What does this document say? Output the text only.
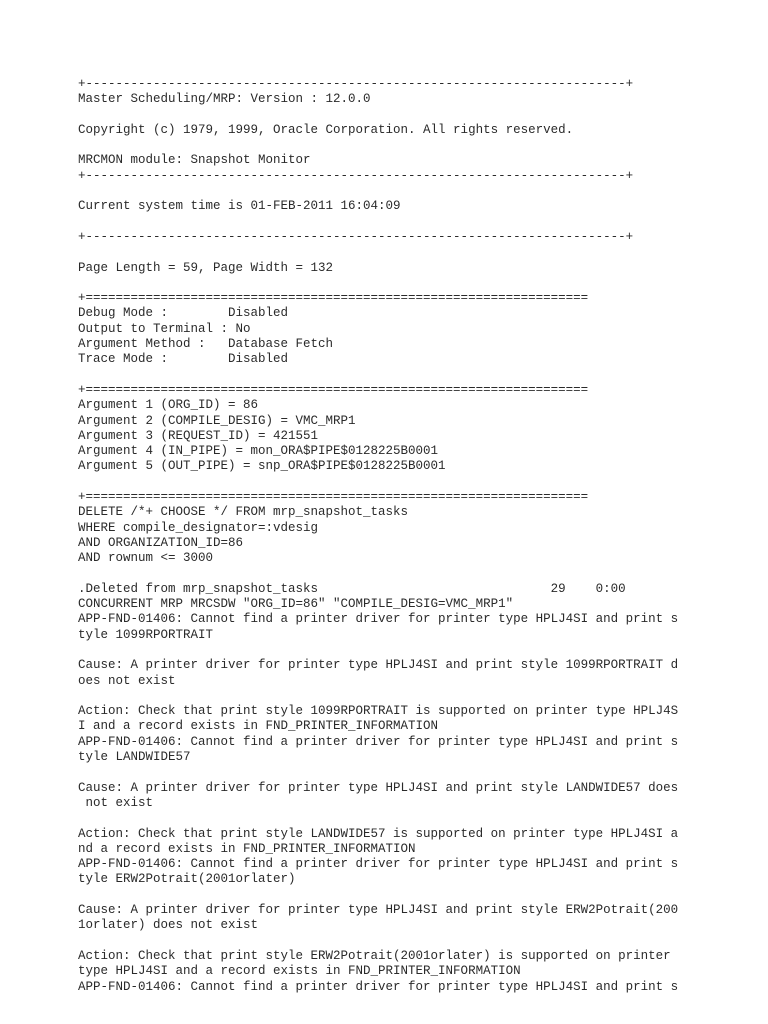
+------------------------------------------------------------------------+
Master Scheduling/MRP: Version : 12.0.0
Copyright (c) 1979, 1999, Oracle Corporation. All rights reserved.
MRCMON module: Snapshot Monitor
+------------------------------------------------------------------------+
Current system time is 01-FEB-2011 16:04:09
+------------------------------------------------------------------------+
Page Length = 59, Page Width = 132
+===================================================================
Debug Mode :        Disabled
Output to Terminal : No
Argument Method :   Database Fetch
Trace Mode :        Disabled
+===================================================================
Argument 1 (ORG_ID) = 86
Argument 2 (COMPILE_DESIG) = VMC_MRP1
Argument 3 (REQUEST_ID) = 421551
Argument 4 (IN_PIPE) = mon_ORA$PIPE$0128225B0001
Argument 5 (OUT_PIPE) = snp_ORA$PIPE$0128225B0001
+===================================================================
DELETE /*+ CHOOSE */ FROM mrp_snapshot_tasks
WHERE compile_designator=:vdesig
AND ORGANIZATION_ID=86
AND rownum <= 3000
.Deleted from mrp_snapshot_tasks                               29    0:00
CONCURRENT MRP MRCSDW "ORG_ID=86" "COMPILE_DESIG=VMC_MRP1"
APP-FND-01406: Cannot find a printer driver for printer type HPLJ4SI and print s
tyle 1099RPORTRAIT
Cause: A printer driver for printer type HPLJ4SI and print style 1099RPORTRAIT d
oes not exist
Action: Check that print style 1099RPORTRAIT is supported on printer type HPLJ4S
I and a record exists in FND_PRINTER_INFORMATION
APP-FND-01406: Cannot find a printer driver for printer type HPLJ4SI and print s
tyle LANDWIDE57
Cause: A printer driver for printer type HPLJ4SI and print style LANDWIDE57 does
not exist
Action: Check that print style LANDWIDE57 is supported on printer type HPLJ4SI a
nd a record exists in FND_PRINTER_INFORMATION
APP-FND-01406: Cannot find a printer driver for printer type HPLJ4SI and print s
tyle ERW2Potrait(2001orlater)
Cause: A printer driver for printer type HPLJ4SI and print style ERW2Potrait(200
1orlater) does not exist
Action: Check that print style ERW2Potrait(2001orlater) is supported on printer
type HPLJ4SI and a record exists in FND_PRINTER_INFORMATION
APP-FND-01406: Cannot find a printer driver for printer type HPLJ4SI and print s
